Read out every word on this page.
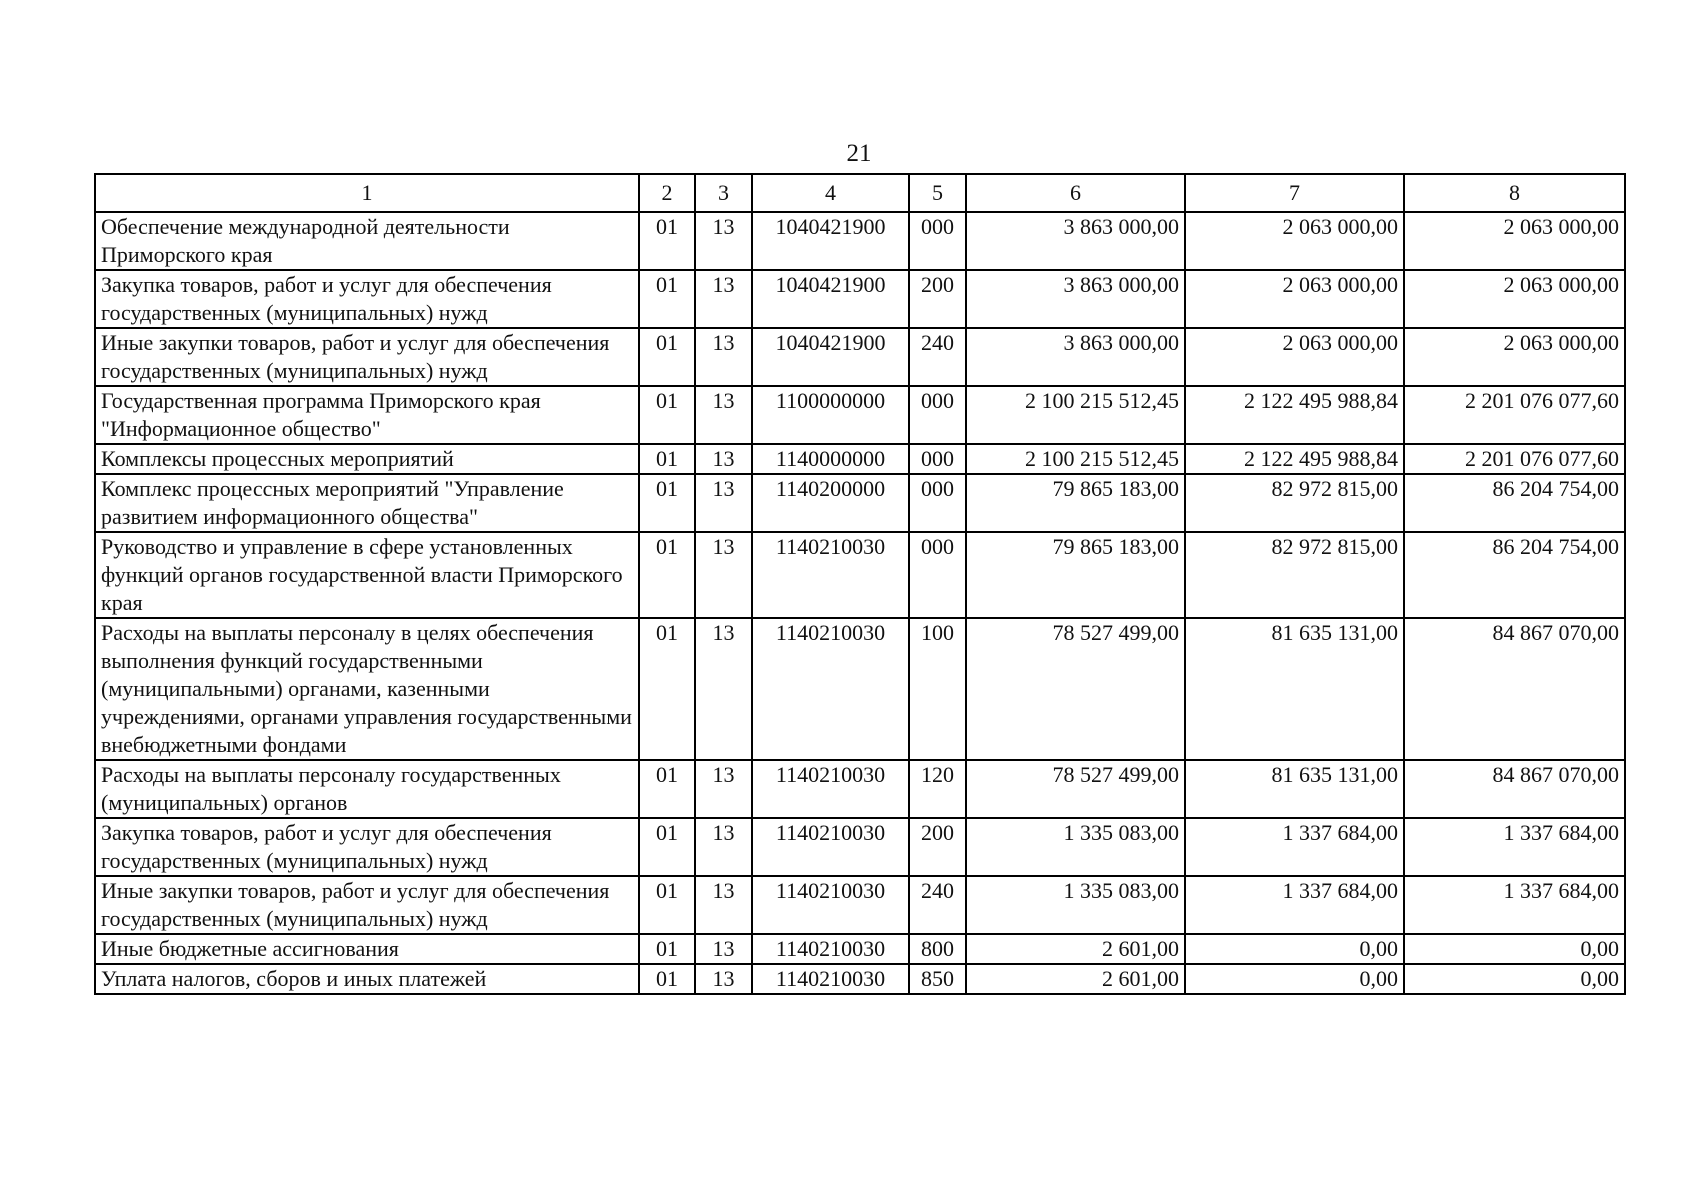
21
1	2	3	4	5	6	7	8
Обеспечение международной деятельности Приморского края	01	13	1040421900	000	3 863 000,00	2 063 000,00	2 063 000,00
Закупка товаров, работ и услуг для обеспечения государственных (муниципальных) нужд	01	13	1040421900	200	3 863 000,00	2 063 000,00	2 063 000,00
Иные закупки товаров, работ и услуг для обеспечения государственных (муниципальных) нужд	01	13	1040421900	240	3 863 000,00	2 063 000,00	2 063 000,00
Государственная программа Приморского края "Информационное общество"	01	13	1100000000	000	2 100 215 512,45	2 122 495 988,84	2 201 076 077,60
Комплексы процессных мероприятий	01	13	1140000000	000	2 100 215 512,45	2 122 495 988,84	2 201 076 077,60
Комплекс процессных мероприятий "Управление развитием информационного общества"	01	13	1140200000	000	79 865 183,00	82 972 815,00	86 204 754,00
Руководство и управление в сфере установленных функций органов государственной власти Приморского края	01	13	1140210030	000	79 865 183,00	82 972 815,00	86 204 754,00
Расходы на выплаты персоналу в целях обеспечения выполнения функций государственными (муниципальными) органами, казенными учреждениями, органами управления государственными внебюджетными фондами	01	13	1140210030	100	78 527 499,00	81 635 131,00	84 867 070,00
Расходы на выплаты персоналу государственных (муниципальных) органов	01	13	1140210030	120	78 527 499,00	81 635 131,00	84 867 070,00
Закупка товаров, работ и услуг для обеспечения государственных (муниципальных) нужд	01	13	1140210030	200	1 335 083,00	1 337 684,00	1 337 684,00
Иные закупки товаров, работ и услуг для обеспечения государственных (муниципальных) нужд	01	13	1140210030	240	1 335 083,00	1 337 684,00	1 337 684,00
Иные бюджетные ассигнования	01	13	1140210030	800	2 601,00	0,00	0,00
Уплата налогов, сборов и иных платежей	01	13	1140210030	850	2 601,00	0,00	0,00
